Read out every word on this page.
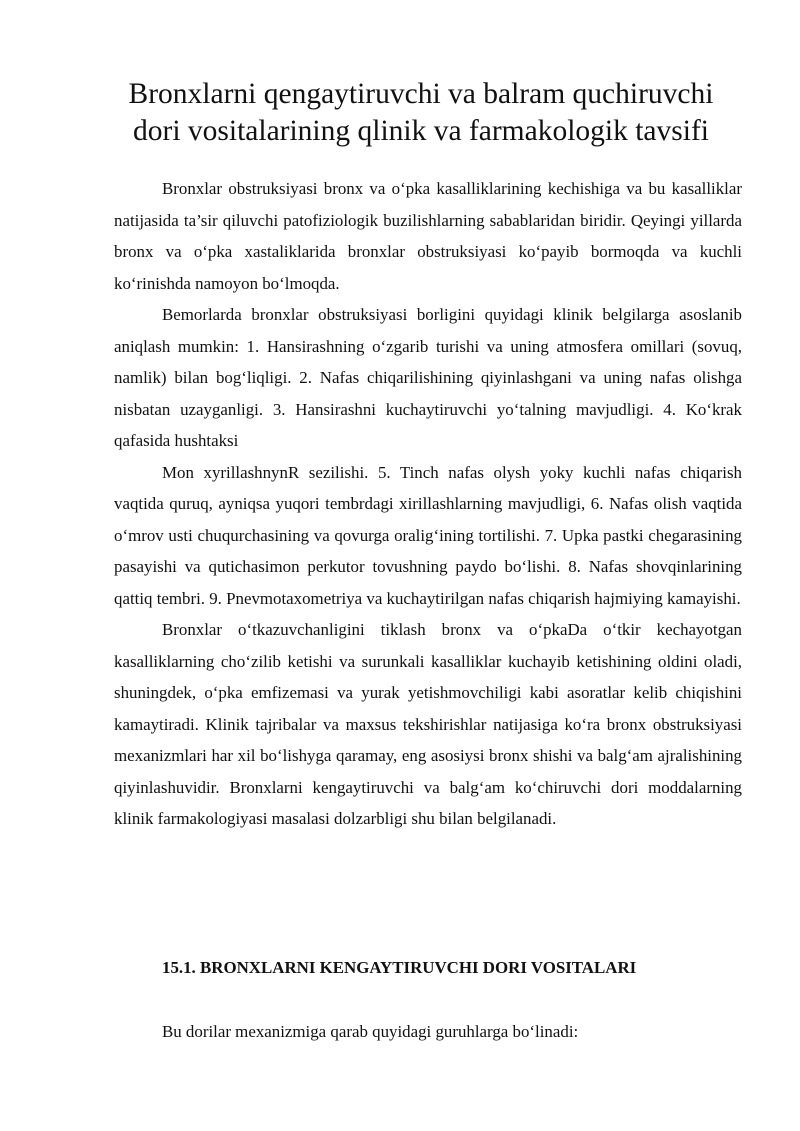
Bronxlarni qengaytiruvchi va balram quchiruvchi dori vositalarining qlinik va farmakologik tavsifi

Bronxlar obstruksiyasi bronx va o‘pka kasalliklarining kechishiga va bu kasalliklar natijasida ta’sir qiluvchi patofiziologik buzilishlarning sabablaridan biridir. Qeyingi yillarda bronx va o‘pka xastaliklarida bronxlar obstruksiyasi ko‘payib bormoqda va kuchli ko‘rinishda namoyon bo‘lmoqda.

Bemorlarda bronxlar obstruksiyasi borligini quyidagi klinik belgilarga asoslanib aniqlash mumkin: 1. Hansirashning o‘zgarib turishi va uning atmosfera omillari (sovuq, namlik) bilan bog‘liqligi. 2. Nafas chiqarilishining qiyinlashgani va uning nafas olishga nisbatan uzayganligi. 3. Hansirashni kuchaytiruvchi yo‘talning mavjudligi. 4. Ko‘krak qafasida hushtaksi

Mon xyrillashnynR sezilishi. 5. Tinch nafas olysh yoky kuchli nafas chiqarish vaqtida quruq, ayniqsa yuqori tembrdagi xirillashlarning mavjudligi, 6. Nafas olish vaqtida o‘mrov usti chuqurchasining va qovurga oralig‘ining tortilishi. 7. Upka pastki chegarasining pasayishi va qutichasimon perkutor tovushning paydo bo‘lishi. 8. Nafas shovqinlarining qattiq tembri. 9. Pnevmotaxometriya va kuchaytirilgan nafas chiqarish hajmiying kamayishi.

Bronxlar o‘tkazuvchanligini tiklash bronx va o‘pkaDa o‘tkir kechayotgan kasalliklarning cho‘zilib ketishi va surunkali kasalliklar kuchayib ketishining oldini oladi, shuningdek, o‘pka emfizemasi va yurak yetishmovchiligi kabi asoratlar kelib chiqishini kamaytiradi. Klinik tajribalar va maxsus tekshirishlar natijasiga ko‘ra bronx obstruksiyasi mexanizmlari har xil bo‘lishyga qaramay, eng asosiysi bronx shishi va balg‘am ajralishining qiyinlashuvidir. Bronxlarni kengaytiruvchi va balg‘am ko‘chiruvchi dori moddalarning klinik farmakologiyasi masalasi dolzarbligi shu bilan belgilanadi.

15.1. BRONXLARNI KENGAYTIRUVCHI DORI VOSITALARI

Bu dorilar mexanizmiga qarab quyidagi guruhlarga bo‘linadi:
